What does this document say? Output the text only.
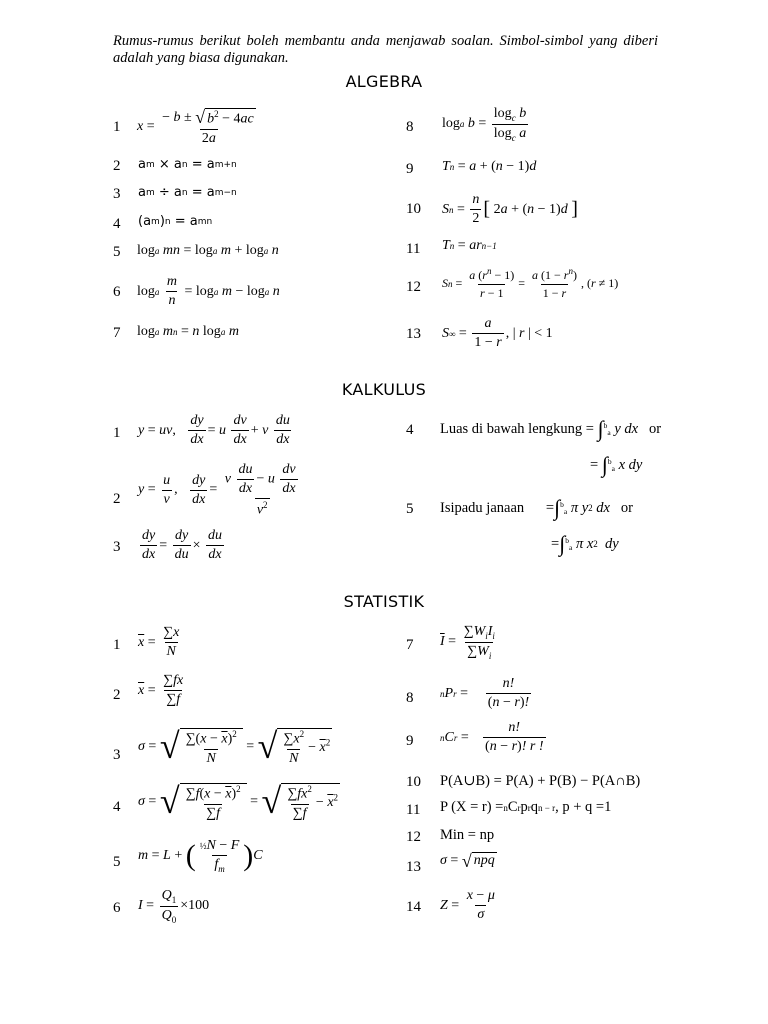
Rumus-rumus berikut boleh membantu anda menjawab soalan. Simbol-simbol yang diberi adalah yang biasa digunakan.
ALGEBRA
1 $x = \frac{- b \pm √ b^2 - 4ac}{2a}$
2 a m × a n = a m+n
3 a m ÷ a n = a m−n
4 (a m ) n = a mn
5 log a
mn = log a
m + log a
n
6 log a
$\frac{m}{n} = \log a$
m − log a
n
7 log a
m n = n log a
m
8 log a
$b = \frac{\log_c b}{\log_c a}$
9 T n = a + ( n − 1) d
10 S $n = \frac{n}{2}$ [ 2 a + ( n − 1) d
]
11 T n = ar n−1
12 S $n = \frac{a (r^n - 1)}{r - 1} = \frac{a (1 - r^n)}{1 - r}$ , ( r ≠ 1)
13 S ∞ = $\frac{a}{1 - r}$ , | r | < 1
KALKULUS
1 y = uv , $\frac{dy}{dx} = u$
$\frac{dv}{dx} + v$
$\frac{du}{dx}$
2
$y = \frac{u}{v}$ , $\frac{dy}{dx} = \frac{v \frac{du}{dx} - u \frac{dv}{dx}}{v^2}$
$3 \frac{dy}{dx} = \frac{dy}{du} \times \frac{du}{dx}$
4 Luas di bawah lengkung =
∫ $^b_a$
y dx
or
= ∫ $^b_a$
x dy
5 Isipadu janaan = ∫ $^b_a$
π y 2
dx
or
= ∫ $^b_a$
π x 2
dy
STATISTIK
1 $\overline{x} = \frac{\sum x}{N}$
2 $\overline{x} = \frac{\sum fx}{\sum f}$
3
σ = √ $\frac{\sum(x - \overline{x})^2}{N}$ = √ $\frac{\sum x^2}{N} - \overline{x}^2$
4 σ = √ $\frac{\sum f(x - \overline{x})^2}{\sum f}$ = √ $\frac{\sum fx^2}{\sum f} - \overline{x}^2$
5 m = L + ( $\frac{\text{½N − F}}{f_m}$ ) C
6 $I = \frac{Q_1}{Q_0} \times 100$
7 $\overline{I} = \frac{\sum W_iI_i}{\sum W_i}$
8	n P $r = \frac{n!}{(n - r)!}$
9	n C $r = \frac{n!}{(n - r)! r !}$
10 P(A∪B) = P(A) + P(B) − P(A∩B)
11 P (X = r) = n C r p r q n − r , p + q =1
12 Min = np
13 σ = √ npq
14 $Z = \frac{x - \mu}{\sigma}$
